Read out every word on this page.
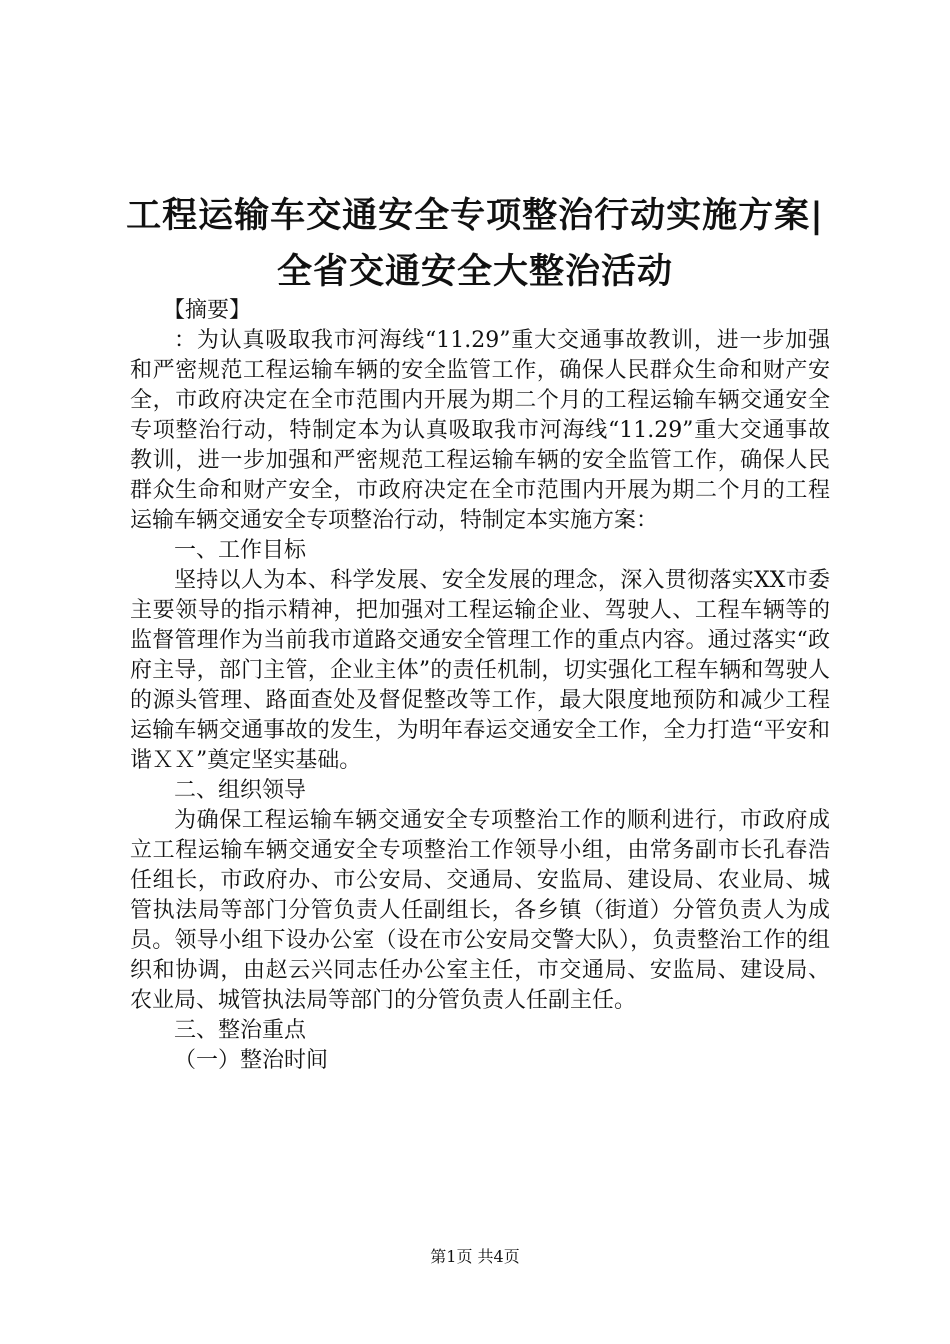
工程运输车交通安全专项整治行动实施方案|
全省交通安全大整治活动

【摘要】

：为认真吸取我市河海线“11.29”重大交通事故教训，进一步加强和严密规范工程运输车辆的安全监管工作，确保人民群众生命和财产安全，市政府决定在全市范围内开展为期二个月的工程运输车辆交通安全专项整治行动，特制定本为认真吸取我市河海线“11.29”重大交通事故教训，进一步加强和严密规范工程运输车辆的安全监管工作，确保人民群众生命和财产安全，市政府决定在全市范围内开展为期二个月的工程运输车辆交通安全专项整治行动，特制定本实施方案：

一、工作目标

坚持以人为本、科学发展、安全发展的理念，深入贯彻落实XX市委主要领导的指示精神，把加强对工程运输企业、驾驶人、工程车辆等的监督管理作为当前我市道路交通安全管理工作的重点内容。通过落实“政府主导，部门主管，企业主体”的责任机制，切实强化工程车辆和驾驶人的源头管理、路面查处及督促整改等工作，最大限度地预防和减少工程运输车辆交通事故的发生，为明年春运交通安全工作，全力打造“平安和谐ＸＸ”奠定坚实基础。

二、组织领导

为确保工程运输车辆交通安全专项整治工作的顺利进行，市政府成立工程运输车辆交通安全专项整治工作领导小组，由常务副市长孔春浩任组长，市政府办、市公安局、交通局、安监局、建设局、农业局、城管执法局等部门分管负责人任副组长，各乡镇（街道）分管负责人为成员。领导小组下设办公室（设在市公安局交警大队），负责整治工作的组织和协调，由赵云兴同志任办公室主任，市交通局、安监局、建设局、农业局、城管执法局等部门的分管负责人任副主任。

三、整治重点

（一）整治时间

第1页 共4页
